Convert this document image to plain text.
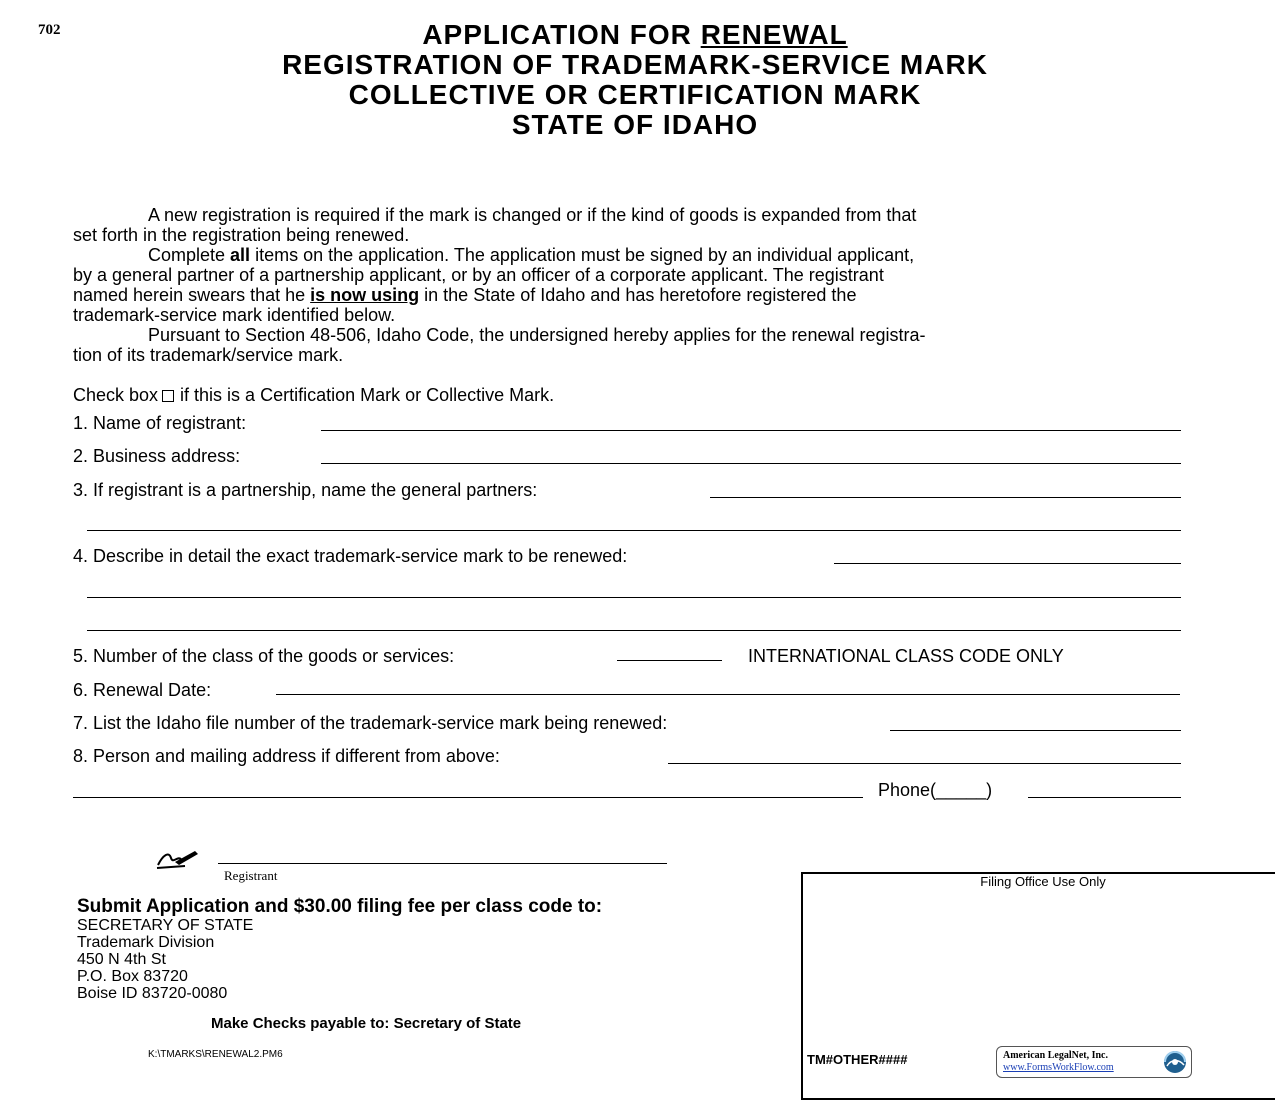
702	APPLICATION FOR RENEWAL
REGISTRATION OF TRADEMARK-SERVICE MARK
COLLECTIVE OR CERTIFICATION MARK
STATE OF IDAHO
A new registration is required if the mark is changed or if the kind of goods is expanded from that
set forth in the registration being renewed.
Complete all items on the application. The application must be signed by an individual applicant,
by a general partner of a partnership applicant, or by an officer of a corporate applicant. The registrant
named herein swears that he is now using in the State of Idaho and has heretofore registered the
trademark-service mark identified below.
Pursuant to Section 48-506, Idaho Code, the undersigned hereby applies for the renewal registra-
tion of its trademark/service mark.
Check box if this is a Certification Mark or Collective Mark.
1. Name of registrant:
2. Business address:
3. If registrant is a partnership, name the general partners:
4. Describe in detail the exact trademark-service mark to be renewed:
5. Number of the class of the goods or services:	INTERNATIONAL CLASS CODE ONLY
6. Renewal Date:
7. List the Idaho file number of the trademark-service mark being renewed:
8. Person and mailing address if different from above:
Phone(_____)
Registrant
Submit Application and $30.00 filing fee per class code to:
SECRETARY OF STATE
Trademark Division
450 N 4th St
P.O. Box 83720
Boise ID 83720-0080
Make Checks payable to: Secretary of State
K:\TMARKS\RENEWAL2.PM6
Filing Office Use Only
TM#OTHER####	American LegalNet, Inc.
www.FormsWorkFlow.com
